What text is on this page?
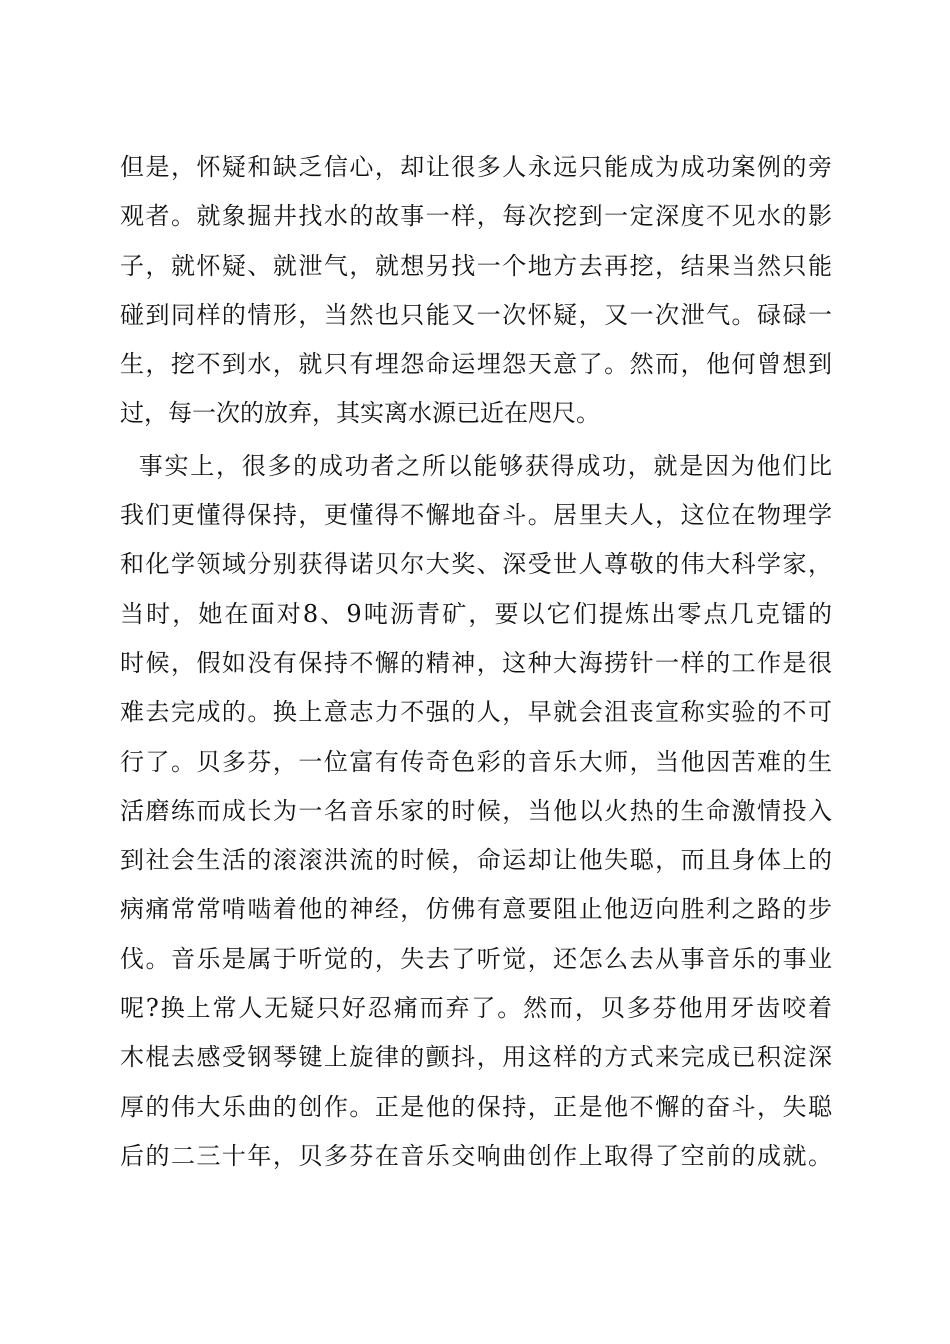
但是，怀疑和缺乏信心，却让很多人永远只能成为成功案例的旁
观者。就象掘井找水的故事一样，每次挖到一定深度不见水的影
子，就怀疑、就泄气，就想另找一个地方去再挖，结果当然只能
碰到同样的情形，当然也只能又一次怀疑，又一次泄气。碌碌一
生，挖不到水，就只有埋怨命运埋怨天意了。然而，他何曾想到
过，每一次的放弃，其实离水源已近在咫尺。
事实上，很多的成功者之所以能够获得成功，就是因为他们比
我们更懂得保持，更懂得不懈地奋斗。居里夫人，这位在物理学
和化学领域分别获得诺贝尔大奖、深受世人尊敬的伟大科学家，
当时，她在面对8、9吨沥青矿，要以它们提炼出零点几克镭的
时候，假如没有保持不懈的精神，这种大海捞针一样的工作是很
难去完成的。换上意志力不强的人，早就会沮丧宣称实验的不可
行了。贝多芬，一位富有传奇色彩的音乐大师，当他因苦难的生
活磨练而成长为一名音乐家的时候，当他以火热的生命激情投入
到社会生活的滚滚洪流的时候，命运却让他失聪，而且身体上的
病痛常常啃啮着他的神经，仿佛有意要阻止他迈向胜利之路的步
伐。音乐是属于听觉的，失去了听觉，还怎么去从事音乐的事业
呢?换上常人无疑只好忍痛而弃了。然而，贝多芬他用牙齿咬着
木棍去感受钢琴键上旋律的颤抖，用这样的方式来完成已积淀深
厚的伟大乐曲的创作。正是他的保持，正是他不懈的奋斗，失聪
后的二三十年，贝多芬在音乐交响曲创作上取得了空前的成就。
